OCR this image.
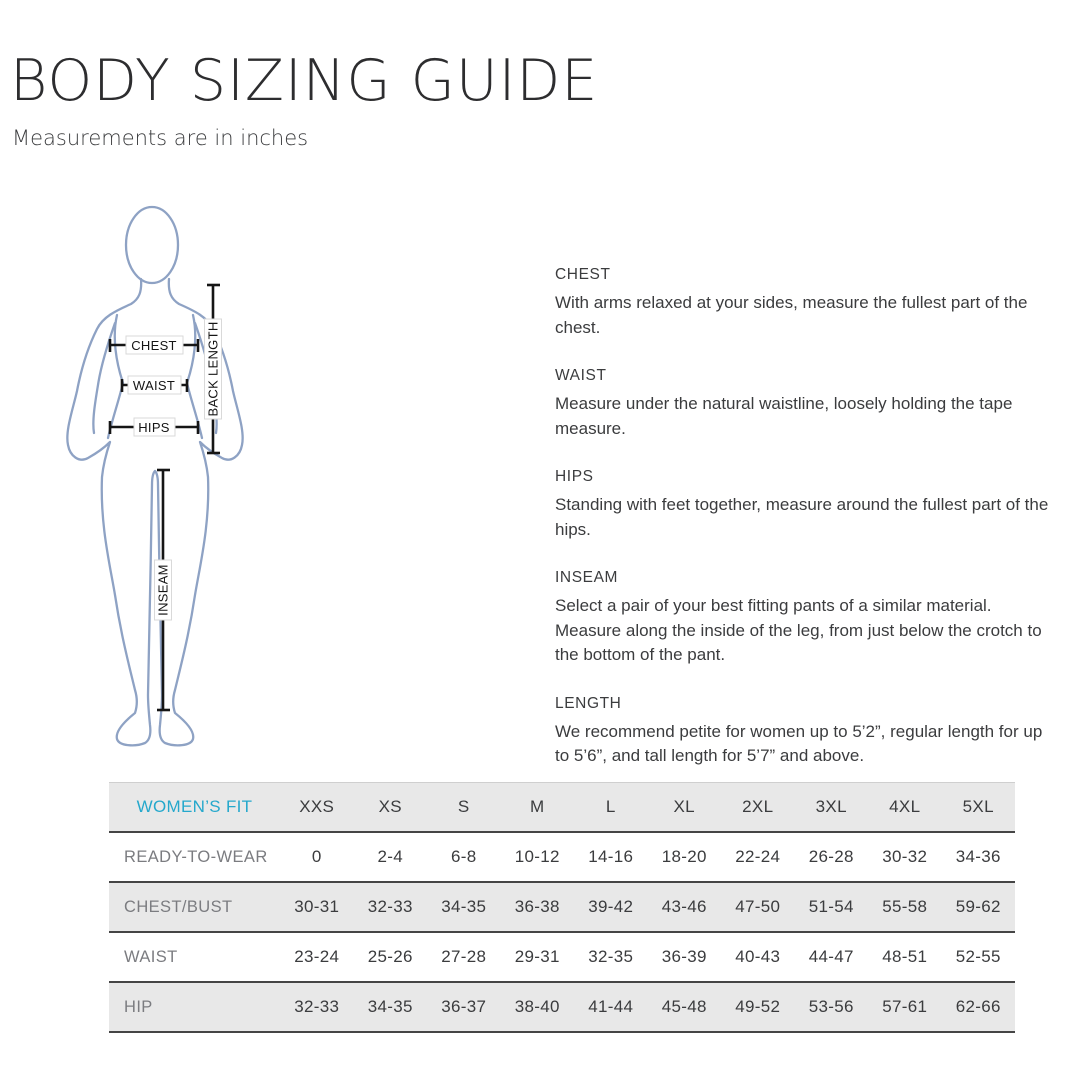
BODY SIZING GUIDE
Measurements are in inches
CHEST
WAIST
HIPS
BACK LENGTH
INSEAM
CHEST

With arms relaxed at your sides, measure the fullest part of the chest.

WAIST

Measure under the natural waistline, loosely holding the tape measure.

HIPS

Standing with feet together, measure around the fullest part of the hips.

INSEAM

Select a pair of your best fitting pants of a similar material. Measure along the inside of the leg, from just below the crotch to the bottom of the pant.

LENGTH

We recommend petite for women up to 5’2”, regular length for up to 5’6”, and tall length for 5’7” and above.

WOMEN’S FIT	XXS	XS	S	M	L	XL	2XL	3XL	4XL	5XL
READY-TO-WEAR	0	2-4	6-8	10-12	14-16	18-20	22-24	26-28	30-32	34-36
CHEST/BUST	30-31	32-33	34-35	36-38	39-42	43-46	47-50	51-54	55-58	59-62
WAIST	23-24	25-26	27-28	29-31	32-35	36-39	40-43	44-47	48-51	52-55
HIP	32-33	34-35	36-37	38-40	41-44	45-48	49-52	53-56	57-61	62-66
